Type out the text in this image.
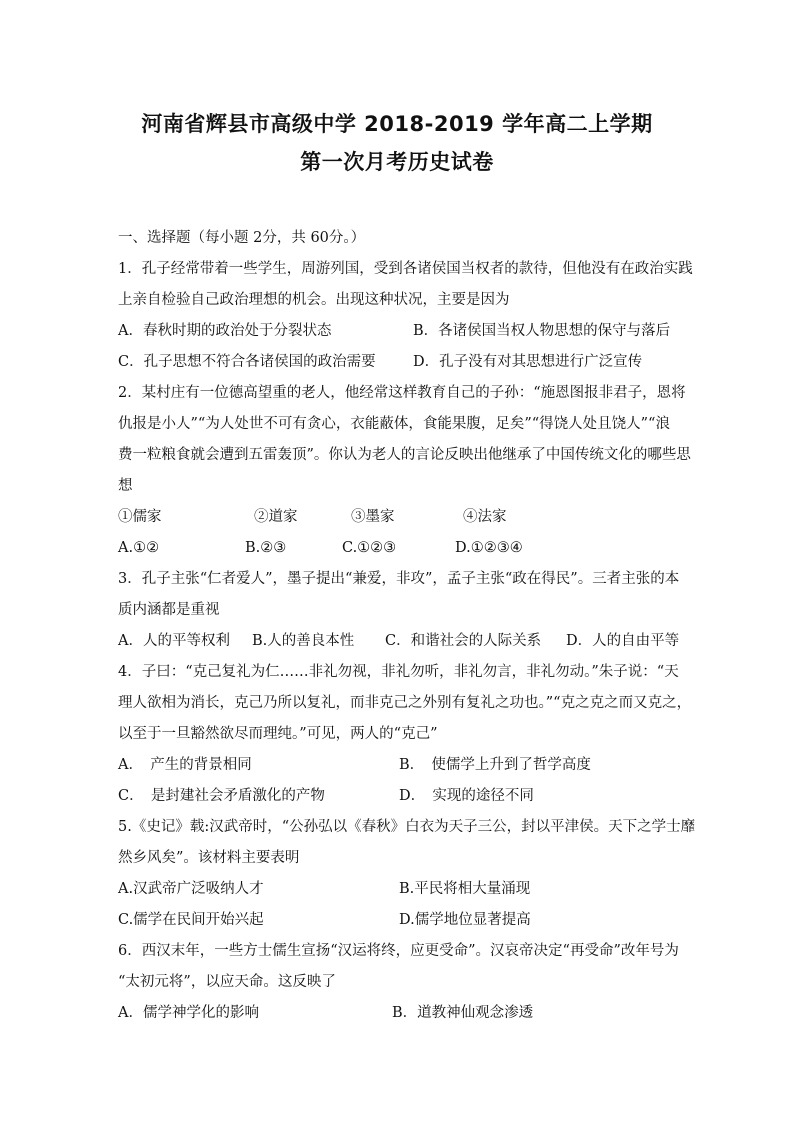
河南省辉县市高级中学 2018-2019 学年高二上学期
第一次月考历史试卷
一、选择题（每小题 2分，共 60分。）
1．孔子经常带着一些学生，周游列国，受到各诸侯国当权者的款待，但他没有在政治实践
上亲自检验自己政治理想的机会。出现这种状况，主要是因为
A．春秋时期的政治处于分裂状态	B．各诸侯国当权人物思想的保守与落后
C．孔子思想不符合各诸侯国的政治需要	D．孔子没有对其思想进行广泛宣传
2．某村庄有一位德高望重的老人，他经常这样教育自己的子孙：“施恩图报非君子，恩将
仇报是小人”“为人处世不可有贪心，衣能蔽体，食能果腹，足矣”“得饶人处且饶人”“浪
费一粒粮食就会遭到五雷轰顶”。你认为老人的言论反映出他继承了中国传统文化的哪些思
想
①儒家	②道家	③墨家	④法家
A.①②	B.②③	C.①②③	D.①②③④
3．孔子主张“仁者爱人”，墨子提出“兼爱，非攻”，孟子主张“政在得民”。三者主张的本
质内涵都是重视
A．人的平等权利 B.人的善良本性 C．和谐社会的人际关系 D．人的自由平等
4．子曰：“克己复礼为仁……非礼勿视，非礼勿听，非礼勿言，非礼勿动。”朱子说：“天
理人欲相为消长，克己乃所以复礼，而非克己之外别有复礼之功也。”“克之克之而又克之，
以至于一旦豁然欲尽而理纯。”可见，两人的“克己”
A．　产生的背景相同	B．　使儒学上升到了哲学高度
C．　是封建社会矛盾激化的产物	D．　实现的途径不同
5.《史记》载:汉武帝时，“公孙弘以《春秋》白衣为天子三公，封以平津侯。天下之学士靡
然乡风矣”。该材料主要表明
A.汉武帝广泛吸纳人才	B.平民将相大量涌现
C.儒学在民间开始兴起	D.儒学地位显著提高
6．西汉末年，一些方士儒生宣扬“汉运将终，应更受命”。汉哀帝决定“再受命”改年号为
“太初元将”，以应天命。这反映了
A．儒学神学化的影响	B．道教神仙观念渗透
